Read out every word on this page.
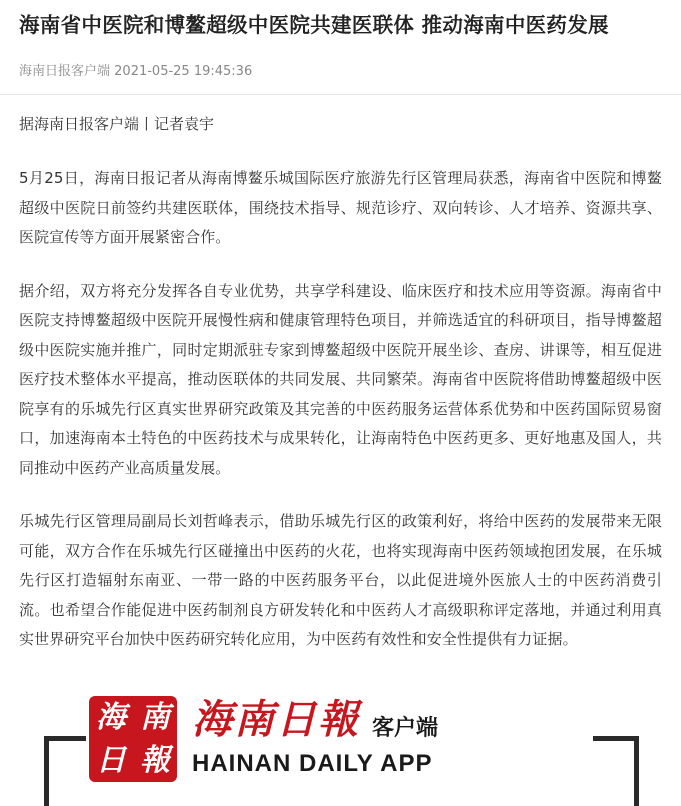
海南省中医院和博鳌超级中医院共建医联体 推动海南中医药发展
海南日报客户端 2021-05-25 19:45:36
据海南日报客户端丨记者袁宇

5月25日，海南日报记者从海南博鳌乐城国际医疗旅游先行区管理局获悉，海南省中医院和博鳌超级中医院日前签约共建医联体，围绕技术指导、规范诊疗、双向转诊、人才培养、资源共享、医院宣传等方面开展紧密合作。

据介绍，双方将充分发挥各自专业优势，共享学科建设、临床医疗和技术应用等资源。海南省中医院支持博鳌超级中医院开展慢性病和健康管理特色项目，并筛选适宜的科研项目，指导博鳌超级中医院实施并推广，同时定期派驻专家到博鳌超级中医院开展坐诊、查房、讲课等，相互促进医疗技术整体水平提高，推动医联体的共同发展、共同繁荣。海南省中医院将借助博鳌超级中医院享有的乐城先行区真实世界研究政策及其完善的中医药服务运营体系优势和中医药国际贸易窗口，加速海南本土特色的中医药技术与成果转化，让海南特色中医药更多、更好地惠及国人，共同推动中医药产业高质量发展。

乐城先行区管理局副局长刘哲峰表示，借助乐城先行区的政策利好，将给中医药的发展带来无限可能，双方合作在乐城先行区碰撞出中医药的火花，也将实现海南中医药领域抱团发展，在乐城先行区打造辐射东南亚、一带一路的中医药服务平台，以此促进境外医旅人士的中医药消费引流。也希望合作能促进中医药制剂良方研发转化和中医药人才高级职称评定落地，并通过利用真实世界研究平台加快中医药研究转化应用，为中医药有效性和安全性提供有力证据。

海 南
日 報
海南日報 客户端
HAINAN DAILY APP
